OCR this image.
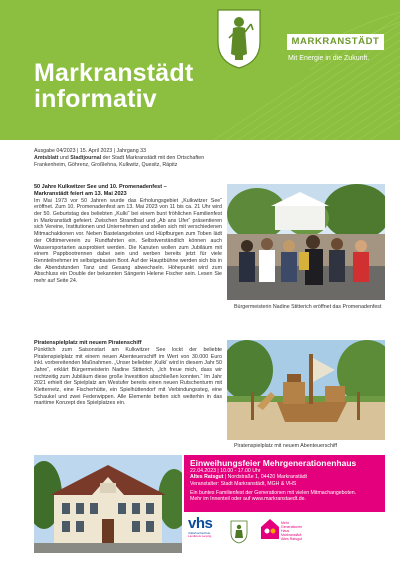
MARKRANSTÄDT
Mit Energie in die Zukunft.
Markranstädt
informativ
Ausgabe 04/2023 | 15. April 2023 | Jahrgang 33
Amtsblatt und Stadtjournal der Stadt Markranstädt mit den Ortschaften
Frankenheim, Göhrenz, Großlehna, Kulkwitz, Quesitz, Räpitz
50 Jahre Kulkwitzer See und 10. Promenadenfest –
Markranstädt feiert am 13. Mai 2023

Im Mai 1973 vor 50 Jahren wurde das Erholungsgebiet „Kulkwitzer See“ eröffnet. Zum 10. Promenadenfest am 13. Mai 2023 von 11 bis ca. 21 Uhr wird der 50. Geburtstag des beliebten „Kulki“ bei einem bunt fröhlichen Familienfest in Markranstädt gefeiert. Zwischen Strandbad und „Ab ans Ufer“ präsentieren sich Vereine, Institutionen und Unternehmen und stellen sich mit verschiedenen Mitmachaktionen vor. Neben Bastelangeboten und Hüpfburgen zum Toben lädt der Oldtimerverein zu Rundfahrten ein. Selbstverständlich können auch Wassersportarten ausprobiert werden. Die Kanuten wollen zum Jubiläum mit einem Pappbootrennen dabei sein und werben bereits jetzt für viele Rennteilnehmer im selbstgebauten Boot. Auf der Hauptbühne werden sich bis in die Abendstunden Tanz und Gesang abwechseln. Höhepunkt wird zum Abschluss ein Double der bekannten Sängerin Helene Fischer sein. Lesen Sie mehr auf Seite 24.

Bürgermeisterin Nadine Stitterich eröffnet das Promenadenfest
Piratenspielplatz mit neuem Piratenschiff

Pünktlich zum Saisonstart am Kulkwitzer See lockt der beliebte Piratenspielplatz mit einem neuen Abenteuerschiff im Wert von 30.000 Euro inkl. vorbereitenden Maßnahmen. „Unser beliebter ‚Kulki‘ wird in diesem Jahr 50 Jahre“, erklärt Bürgermeisterin Nadine Stitterich, „Ich freue mich, dass wir rechtzeitig zum Jubiläum diese große Investition abschließen konnten.“ Im Jahr 2021 erhielt der Spielplatz am Westufer bereits einen neuen Rutschenturm mit Kletternetz, eine Fischerhütte, ein Spielhüttendorf mit Verbindungssteg, eine Schaukel und zwei Federwippen. Alle Elemente betten sich weiterhin in das maritime Konzept des Spielplatzes ein.

Piratenspielplatz mit neuem Abenteuerschiff
Einweihungsfeier Mehrgenerationenhaus
22.04.2023 | 10.00 - 17.00 Uhr
Altes Ratsgut | Nordstraße 1, 04420 Markranstädt
Veranstalter: Stadt Markranstädt, MGH & VHS
Ein buntes Familienfest der Generationen mit vielen Mitmachangeboten.
Mehr im Innenteil oder auf www.markranstaedt.de.
vhs
Volkshochschule
Landkreis Leipzig
Mehr
Generationen
Haus
Markranstädt
Altes Ratsgut
